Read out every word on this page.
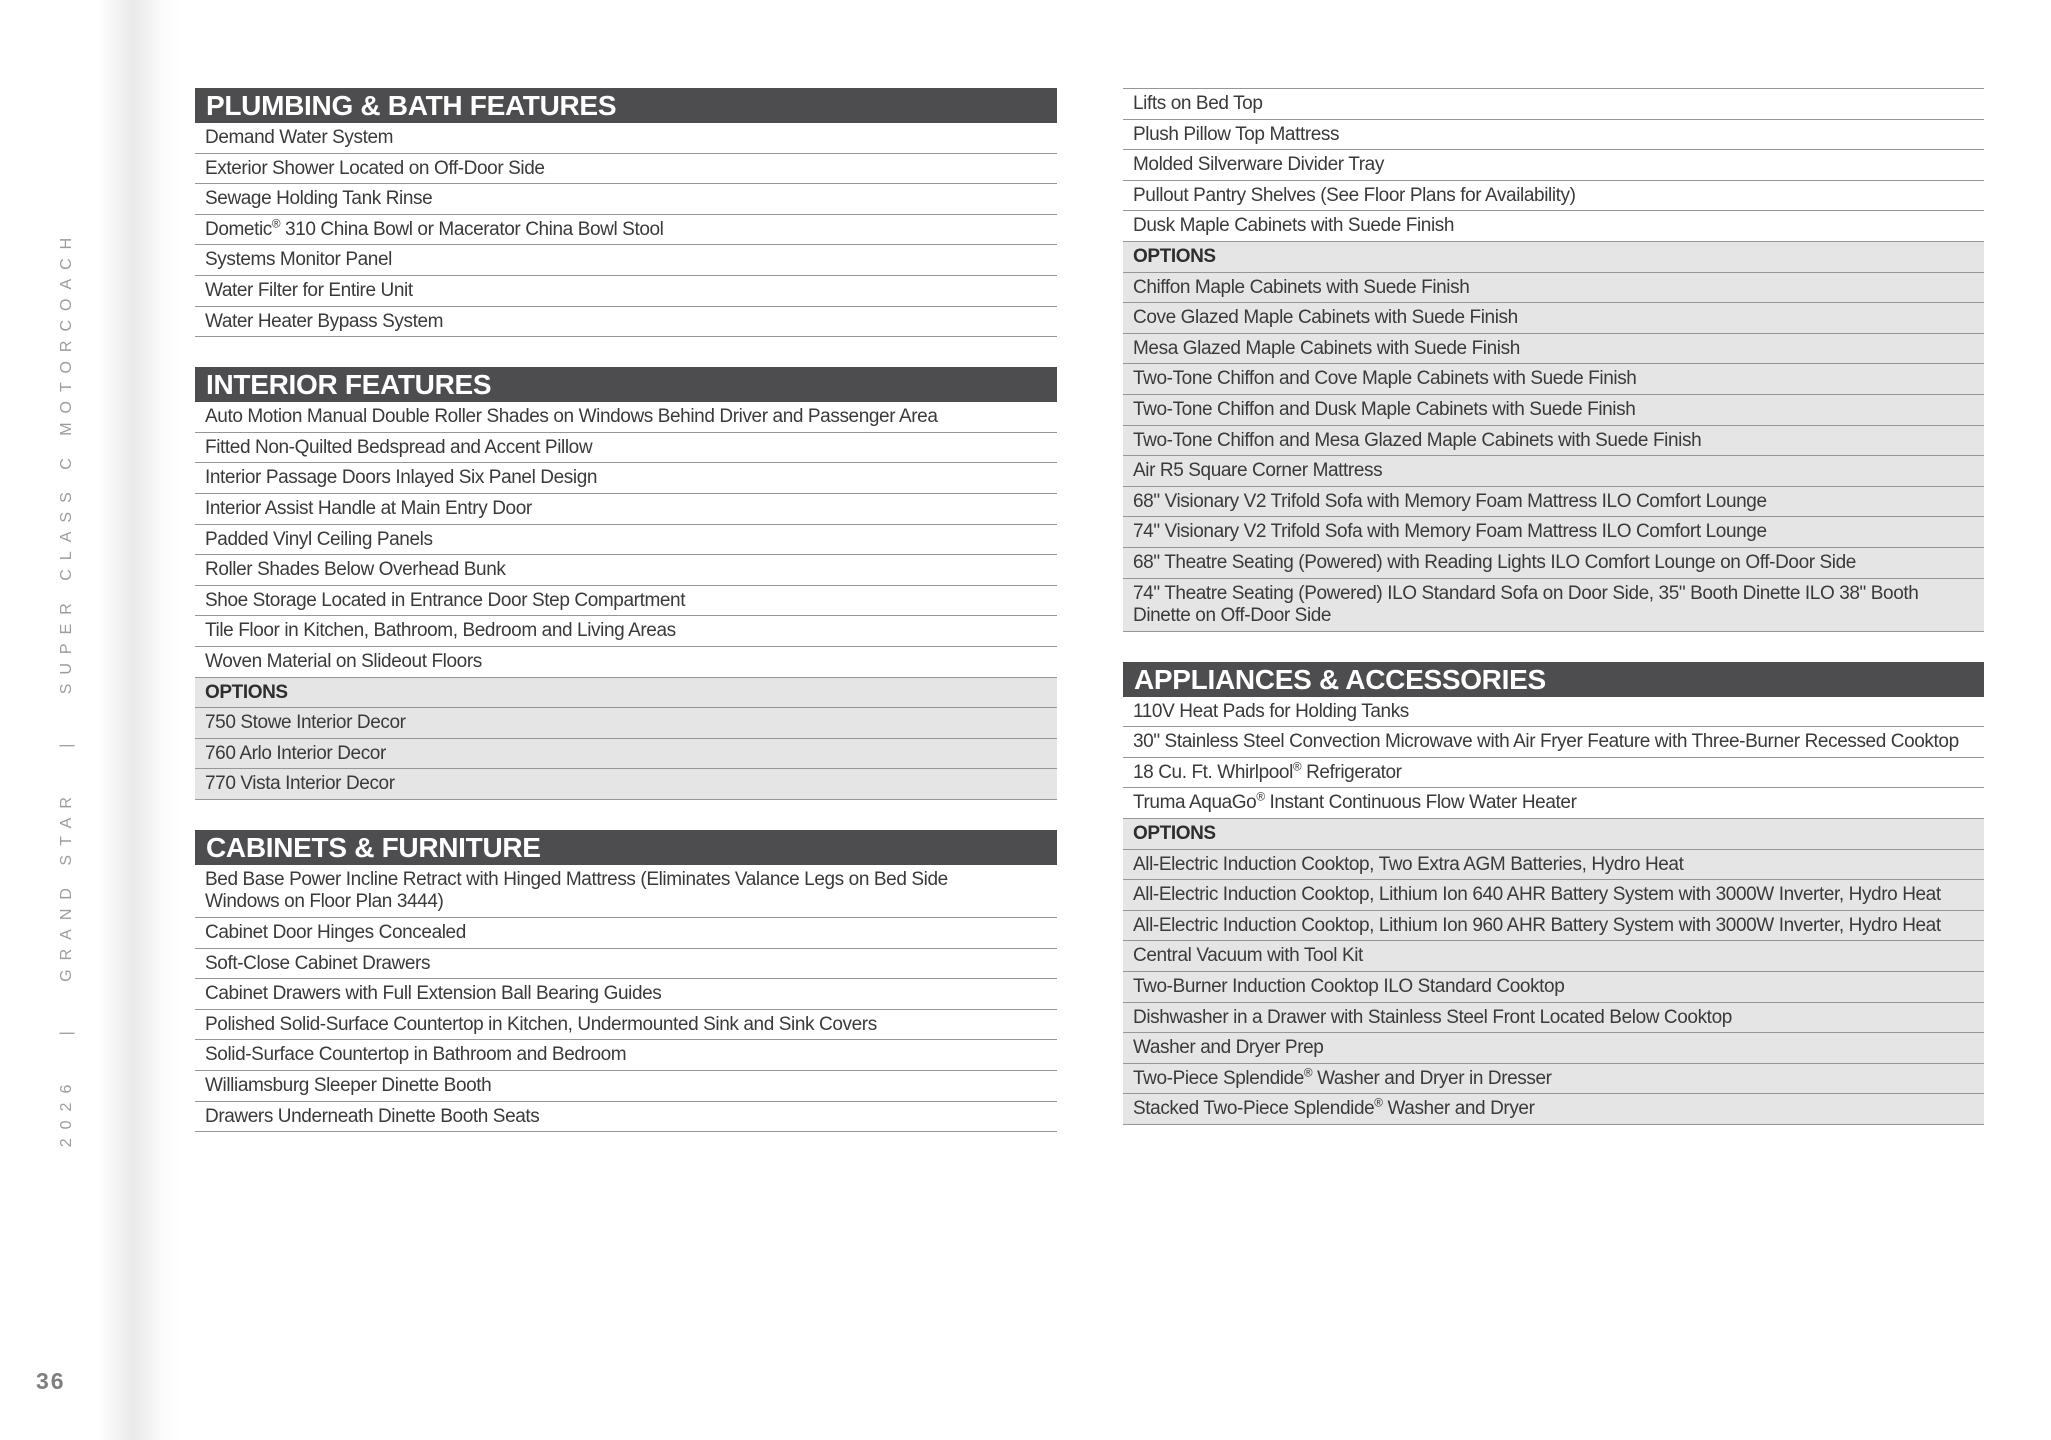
2026   |   GRAND STAR   |   SUPER CLASS C MOTORCOACH
36
PLUMBING & BATH FEATURES
Demand Water System
Exterior Shower Located on Off-Door Side
Sewage Holding Tank Rinse
Dometic® 310 China Bowl or Macerator China Bowl Stool
Systems Monitor Panel
Water Filter for Entire Unit
Water Heater Bypass System
INTERIOR FEATURES
Auto Motion Manual Double Roller Shades on Windows Behind Driver and Passenger Area
Fitted Non-Quilted Bedspread and Accent Pillow
Interior Passage Doors Inlayed Six Panel Design
Interior Assist Handle at Main Entry Door
Padded Vinyl Ceiling Panels
Roller Shades Below Overhead Bunk
Shoe Storage Located in Entrance Door Step Compartment
Tile Floor in Kitchen, Bathroom, Bedroom and Living Areas
Woven Material on Slideout Floors
OPTIONS
750 Stowe Interior Decor
760 Arlo Interior Decor
770 Vista Interior Decor
CABINETS & FURNITURE
Bed Base Power Incline Retract with Hinged Mattress (Eliminates Valance Legs on Bed Side
Windows on Floor Plan 3444)
Cabinet Door Hinges Concealed
Soft-Close Cabinet Drawers
Cabinet Drawers with Full Extension Ball Bearing Guides
Polished Solid-Surface Countertop in Kitchen, Undermounted Sink and Sink Covers
Solid-Surface Countertop in Bathroom and Bedroom
Williamsburg Sleeper Dinette Booth
Drawers Underneath Dinette Booth Seats
Lifts on Bed Top
Plush Pillow Top Mattress
Molded Silverware Divider Tray
Pullout Pantry Shelves (See Floor Plans for Availability)
Dusk Maple Cabinets with Suede Finish
OPTIONS
Chiffon Maple Cabinets with Suede Finish
Cove Glazed Maple Cabinets with Suede Finish
Mesa Glazed Maple Cabinets with Suede Finish
Two-Tone Chiffon and Cove Maple Cabinets with Suede Finish
Two-Tone Chiffon and Dusk Maple Cabinets with Suede Finish
Two-Tone Chiffon and Mesa Glazed Maple Cabinets with Suede Finish
Air R5 Square Corner Mattress
68" Visionary V2 Trifold Sofa with Memory Foam Mattress ILO Comfort Lounge
74" Visionary V2 Trifold Sofa with Memory Foam Mattress ILO Comfort Lounge
68" Theatre Seating (Powered) with Reading Lights ILO Comfort Lounge on Off-Door Side
74" Theatre Seating (Powered) ILO Standard Sofa on Door Side, 35" Booth Dinette ILO 38" Booth
Dinette on Off-Door Side
APPLIANCES & ACCESSORIES
110V Heat Pads for Holding Tanks
30" Stainless Steel Convection Microwave with Air Fryer Feature with Three-Burner Recessed Cooktop
18 Cu. Ft. Whirlpool® Refrigerator
Truma AquaGo® Instant Continuous Flow Water Heater
OPTIONS
All-Electric Induction Cooktop, Two Extra AGM Batteries, Hydro Heat
All-Electric Induction Cooktop, Lithium Ion 640 AHR Battery System with 3000W Inverter, Hydro Heat
All-Electric Induction Cooktop, Lithium Ion 960 AHR Battery System with 3000W Inverter, Hydro Heat
Central Vacuum with Tool Kit
Two-Burner Induction Cooktop ILO Standard Cooktop
Dishwasher in a Drawer with Stainless Steel Front Located Below Cooktop
Washer and Dryer Prep
Two-Piece Splendide® Washer and Dryer in Dresser
Stacked Two-Piece Splendide® Washer and Dryer
